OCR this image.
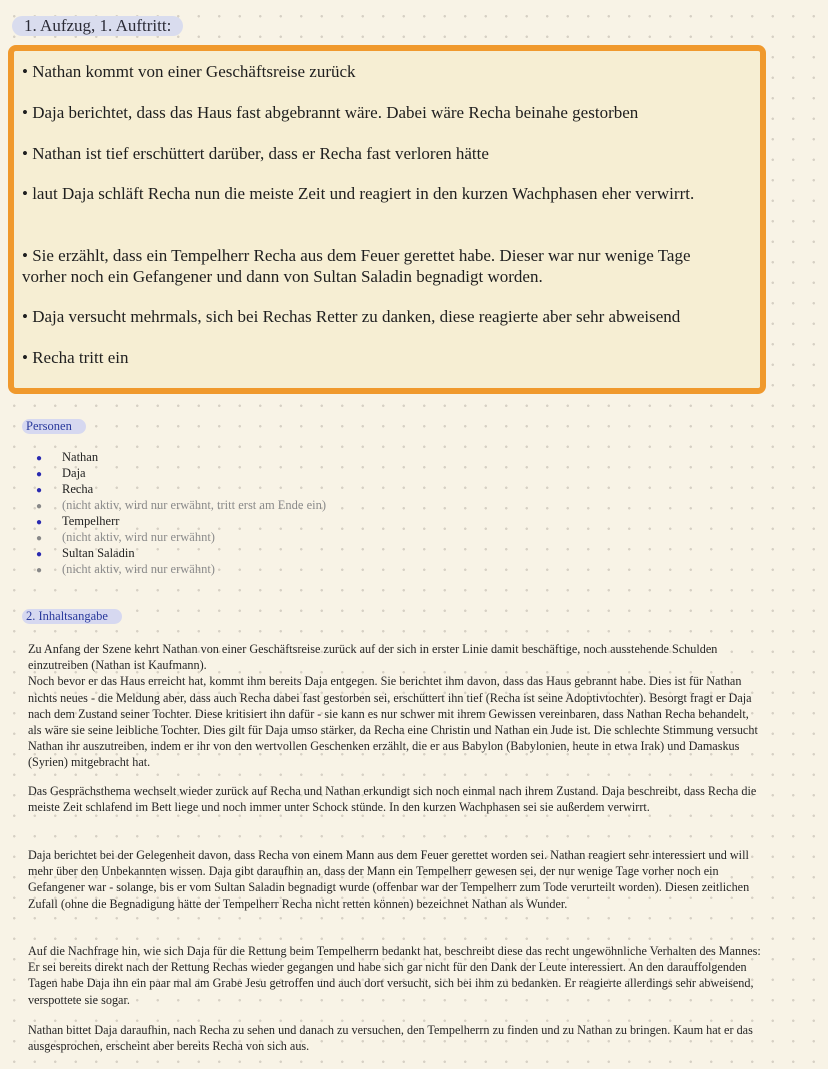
1. Aufzug, 1. Auftritt:
• Nathan kommt von einer Geschäftsreise zurück
• Daja berichtet, dass das Haus fast abgebrannt wäre. Dabei wäre Recha beinahe gestorben
• Nathan ist tief erschüttert darüber, dass er Recha fast verloren hätte
• laut Daja schläft Recha nun die meiste Zeit und reagiert in den kurzen Wachphasen eher verwirrt.
• Sie erzählt, dass ein Tempelherr Recha aus dem Feuer gerettet habe. Dieser war nur wenige Tage vorher noch ein Gefangener und dann von Sultan Saladin begnadigt worden.
• Daja versucht mehrmals, sich bei Rechas Retter zu danken, diese reagierte aber sehr abweisend
• Recha tritt ein
Personen
● Nathan
● Daja
● Recha
● (nicht aktiv, wird nur erwähnt, tritt erst am Ende ein)
● Tempelherr
● (nicht aktiv, wird nur erwähnt)
● Sultan Saladin
● (nicht aktiv, wird nur erwähnt)
2. Inhaltsangabe
Zu Anfang der Szene kehrt Nathan von einer Geschäftsreise zurück auf der sich in erster Linie damit beschäftige, noch ausstehende Schulden einzutreiben (Nathan ist Kaufmann).
Noch bevor er das Haus erreicht hat, kommt ihm bereits Daja entgegen. Sie berichtet ihm davon, dass das Haus gebrannt habe. Dies ist für Nathan nichts neues - die Meldung aber, dass auch Recha dabei fast gestorben sei, erschüttert ihn tief (Recha ist seine Adoptivtochter). Besorgt fragt er Daja nach dem Zustand seiner Tochter. Diese kritisiert ihn dafür - sie kann es nur schwer mit ihrem Gewissen vereinbaren, dass Nathan Recha behandelt, als wäre sie seine leibliche Tochter. Dies gilt für Daja umso stärker, da Recha eine Christin und Nathan ein Jude ist. Die schlechte Stimmung versucht Nathan ihr auszutreiben, indem er ihr von den wertvollen Geschenken erzählt, die er aus Babylon (Babylonien, heute in etwa Irak) und Damaskus (Syrien) mitgebracht hat.
Das Gesprächsthema wechselt wieder zurück auf Recha und Nathan erkundigt sich noch einmal nach ihrem Zustand. Daja beschreibt, dass Recha die meiste Zeit schlafend im Bett liege und noch immer unter Schock stünde. In den kurzen Wachphasen sei sie außerdem verwirrt.
Daja berichtet bei der Gelegenheit davon, dass Recha von einem Mann aus dem Feuer gerettet worden sei. Nathan reagiert sehr interessiert und will mehr über den Unbekannten wissen. Daja gibt daraufhin an, dass der Mann ein Tempelherr gewesen sei, der nur wenige Tage vorher noch ein Gefangener war - solange, bis er vom Sultan Saladin begnadigt wurde (offenbar war der Tempelherr zum Tode verurteilt worden). Diesen zeitlichen Zufall (ohne die Begnadigung hätte der Tempelherr Recha nicht retten können) bezeichnet Nathan als Wunder.
Auf die Nachfrage hin, wie sich Daja für die Rettung beim Tempelherrn bedankt hat, beschreibt diese das recht ungewöhnliche Verhalten des Mannes: Er sei bereits direkt nach der Rettung Rechas wieder gegangen und habe sich gar nicht für den Dank der Leute interessiert. An den darauffolgenden Tagen habe Daja ihn ein paar mal am Grabe Jesu getroffen und auch dort versucht, sich bei ihm zu bedanken. Er reagierte allerdings sehr abweisend, verspottete sie sogar.
Nathan bittet Daja daraufhin, nach Recha zu sehen und danach zu versuchen, den Tempelherrn zu finden und zu Nathan zu bringen. Kaum hat er das ausgesprochen, erscheint aber bereits Recha von sich aus.
